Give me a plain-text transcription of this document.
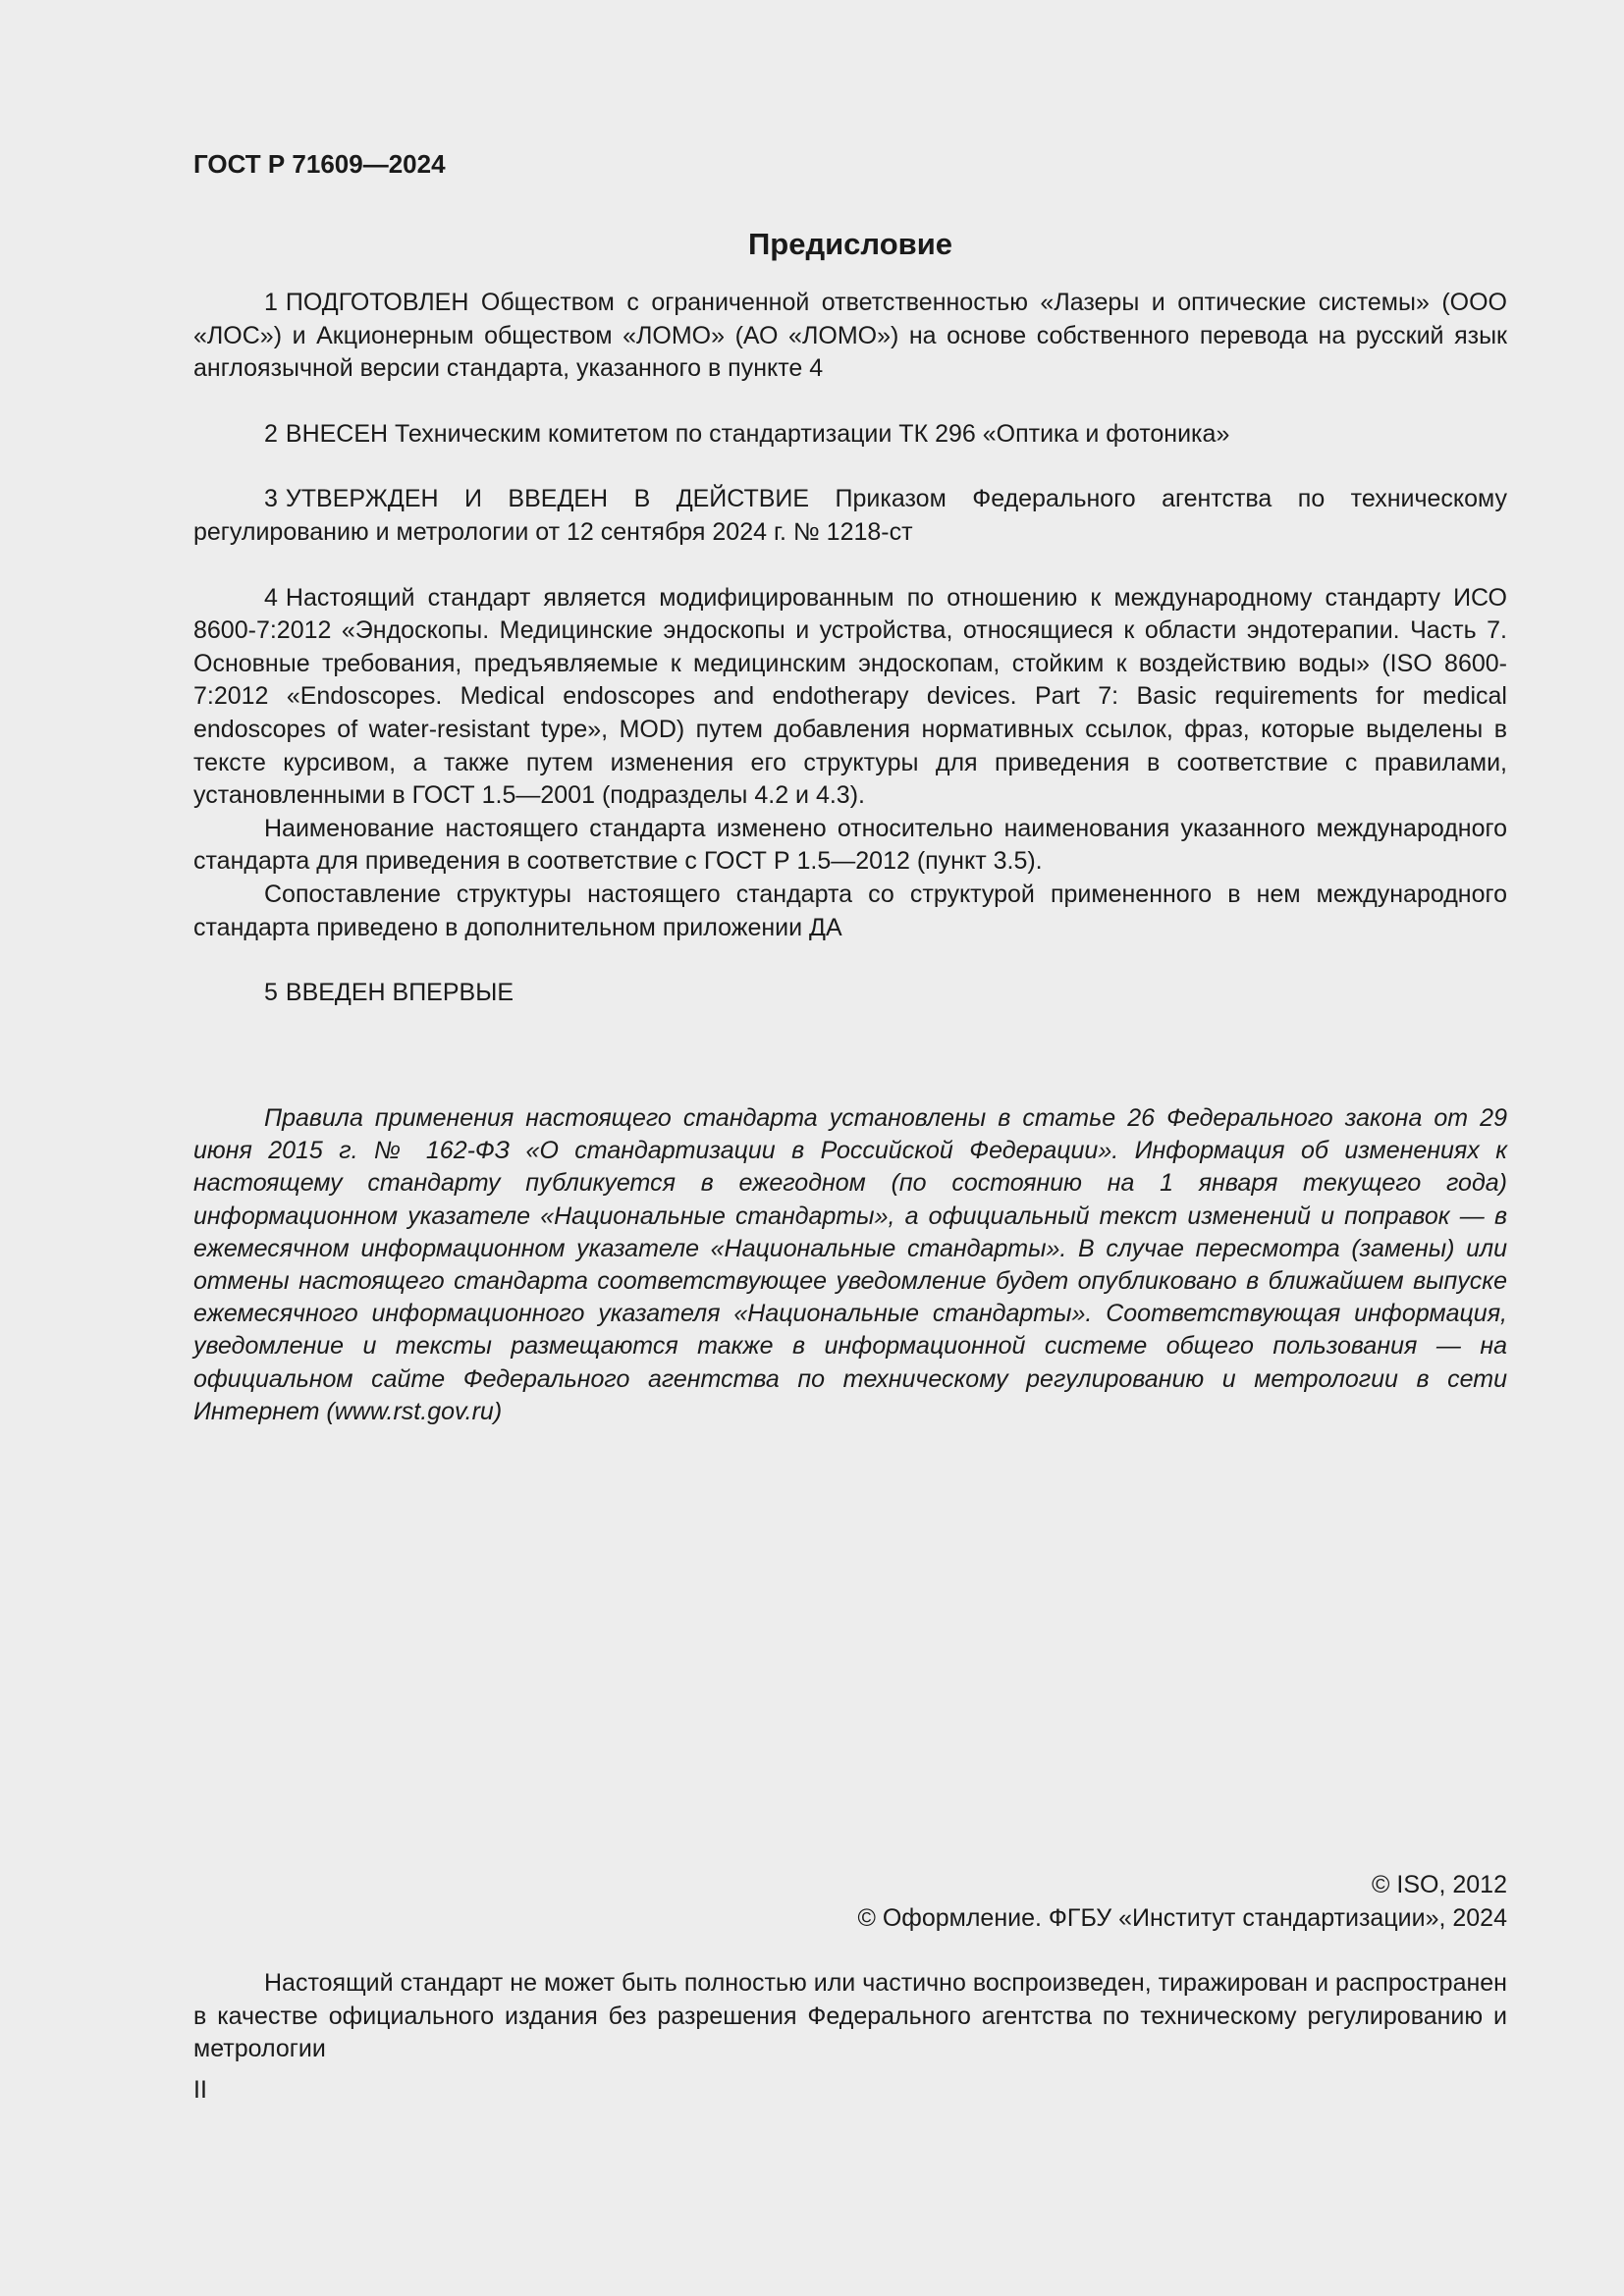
ГОСТ Р 71609—2024
Предисловие

1 ПОДГОТОВЛЕН Обществом с ограниченной ответственностью «Лазеры и оптические системы» (ООО «ЛОС») и Акционерным обществом «ЛОМО» (АО «ЛОМО») на основе собственного перевода на русский язык англоязычной версии стандарта, указанного в пункте 4

2 ВНЕСЕН Техническим комитетом по стандартизации ТК 296 «Оптика и фотоника»

3 УТВЕРЖДЕН И ВВЕДЕН В ДЕЙСТВИЕ Приказом Федерального агентства по техническому регулированию и метрологии от 12 сентября 2024 г. № 1218-ст

4 Настоящий стандарт является модифицированным по отношению к международному стандарту ИСО 8600-7:2012 «Эндоскопы. Медицинские эндоскопы и устройства, относящиеся к области эндотерапии. Часть 7. Основные требования, предъявляемые к медицинским эндоскопам, стойким к воздействию воды» (ISO 8600-7:2012 «Endoscopes. Medical endoscopes and endotherapy devices. Part 7: Basic requirements for medical endoscopes of water-resistant type», MOD) путем добавления нормативных ссылок, фраз, которые выделены в тексте курсивом, а также путем изменения его структуры для приведения в соответствие с правилами, установленными в ГОСТ 1.5—2001 (подразделы 4.2 и 4.3).

Наименование настоящего стандарта изменено относительно наименования указанного международного стандарта для приведения в соответствие с ГОСТ Р 1.5—2012 (пункт 3.5).

Сопоставление структуры настоящего стандарта со структурой примененного в нем международного стандарта приведено в дополнительном приложении ДА

5 ВВЕДЕН ВПЕРВЫЕ

Правила применения настоящего стандарта установлены в статье 26 Федерального закона от 29 июня 2015 г. № 162-ФЗ «О стандартизации в Российской Федерации». Информация об изменениях к настоящему стандарту публикуется в ежегодном (по состоянию на 1 января текущего года) информационном указателе «Национальные стандарты», а официальный текст изменений и поправок — в ежемесячном информационном указателе «Национальные стандарты». В случае пересмотра (замены) или отмены настоящего стандарта соответствующее уведомление будет опубликовано в ближайшем выпуске ежемесячного информационного указателя «Национальные стандарты». Соответствующая информация, уведомление и тексты размещаются также в информационной системе общего пользования — на официальном сайте Федерального агентства по техническому регулированию и метрологии в сети Интернет (www.rst.gov.ru)

© ISO, 2012
© Оформление. ФГБУ «Институт стандартизации», 2024

Настоящий стандарт не может быть полностью или частично воспроизведен, тиражирован и распространен в качестве официального издания без разрешения Федерального агентства по техническому регулированию и метрологии

II
